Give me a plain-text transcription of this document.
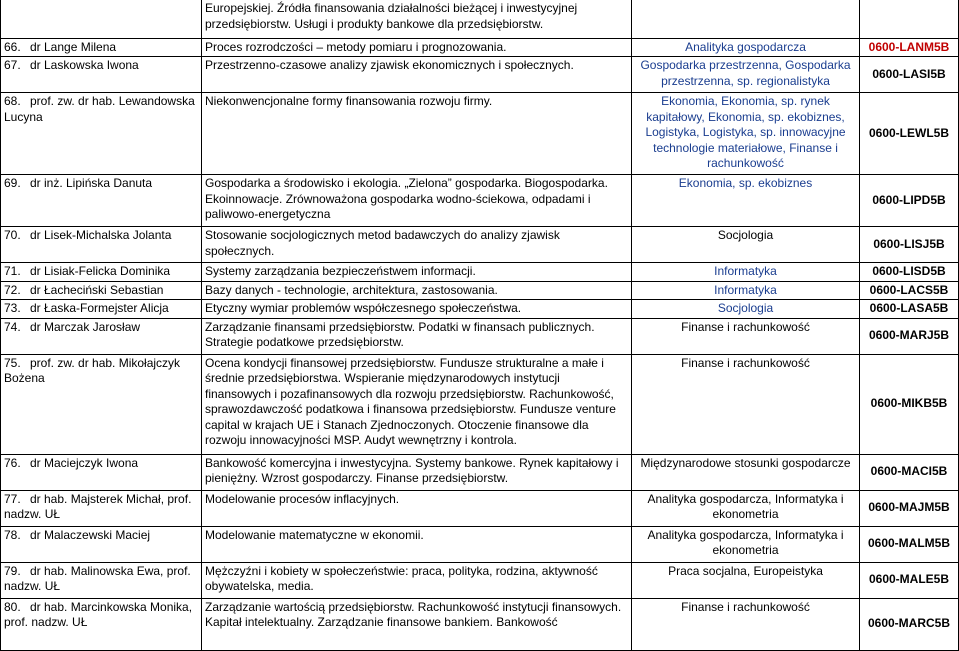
	Europejskiej. Źródła finansowania działalności bieżącej i inwestycyjnej przedsiębiorstw. Usługi i produkty bankowe dla przedsiębiorstw.		
66. dr Lange Milena	Proces rozrodczości – metody pomiaru i prognozowania.	Analityka gospodarcza	0600-LANM5B
67. dr Laskowska Iwona	Przestrzenno-czasowe analizy zjawisk ekonomicznych i społecznych.	Gospodarka przestrzenna, Gospodarka przestrzenna, sp. regionalistyka	0600-LASI5B
68. prof. zw. dr hab. Lewandowska Lucyna	Niekonwencjonalne formy finansowania rozwoju firmy.	Ekonomia, Ekonomia, sp. rynek kapitałowy, Ekonomia, sp. ekobiznes, Logistyka, Logistyka, sp. innowacyjne technologie materiałowe, Finanse i rachunkowość	0600-LEWL5B
69. dr inż. Lipińska Danuta	Gospodarka a środowisko i ekologia. „Zielona” gospodarka. Biogospodarka. Ekoinnowacje. Zrównoważona gospodarka wodno-ściekowa, odpadami i paliwowo-energetyczna	Ekonomia, sp. ekobiznes	0600-LIPD5B
70. dr Lisek-Michalska Jolanta	Stosowanie socjologicznych metod badawczych do analizy zjawisk społecznych.	Socjologia	0600-LISJ5B
71. dr Lisiak-Felicka Dominika	Systemy zarządzania bezpieczeństwem informacji.	Informatyka	0600-LISD5B
72. dr Łacheciński Sebastian	Bazy danych - technologie, architektura, zastosowania.	Informatyka	0600-LACS5B
73. dr Łaska-Formejster Alicja	Etyczny wymiar problemów współczesnego społeczeństwa.	Socjologia	0600-LASA5B
74. dr Marczak Jarosław	Zarządzanie finansami przedsiębiorstw. Podatki w finansach publicznych. Strategie podatkowe przedsiębiorstw.	Finanse i rachunkowość	0600-MARJ5B
75. prof. zw. dr hab. Mikołajczyk Bożena	Ocena kondycji finansowej przedsiębiorstw. Fundusze strukturalne a małe i średnie przedsiębiorstwa. Wspieranie międzynarodowych instytucji finansowych i pozafinansowych dla rozwoju przedsiębiorstw. Rachunkowość, sprawozdawczość podatkowa i finansowa przedsiębiorstw. Fundusze venture capital w krajach UE i Stanach Zjednoczonych. Otoczenie finansowe dla rozwoju innowacyjności MSP. Audyt wewnętrzny i kontrola.	Finanse i rachunkowość	0600-MIKB5B
76. dr Maciejczyk Iwona	Bankowość komercyjna i inwestycyjna. Systemy bankowe. Rynek kapitałowy i pieniężny. Wzrost gospodarczy. Finanse przedsiębiorstw.	Międzynarodowe stosunki gospodarcze	0600-MACI5B
77. dr hab. Majsterek Michał, prof. nadzw. UŁ	Modelowanie procesów inflacyjnych.	Analityka gospodarcza, Informatyka i ekonometria	0600-MAJM5B
78. dr Malaczewski Maciej	Modelowanie matematyczne w ekonomii.	Analityka gospodarcza, Informatyka i ekonometria	0600-MALM5B
79. dr hab. Malinowska Ewa, prof. nadzw. UŁ	Mężczyźni i kobiety w społeczeństwie: praca, polityka, rodzina, aktywność obywatelska, media.	Praca socjalna, Europeistyka	0600-MALE5B
80. dr hab. Marcinkowska Monika, prof. nadzw. UŁ	Zarządzanie wartością przedsiębiorstw. Rachunkowość instytucji finansowych. Kapitał intelektualny. Zarządzanie finansowe bankiem. Bankowość	Finanse i rachunkowość	0600-MARC5B
